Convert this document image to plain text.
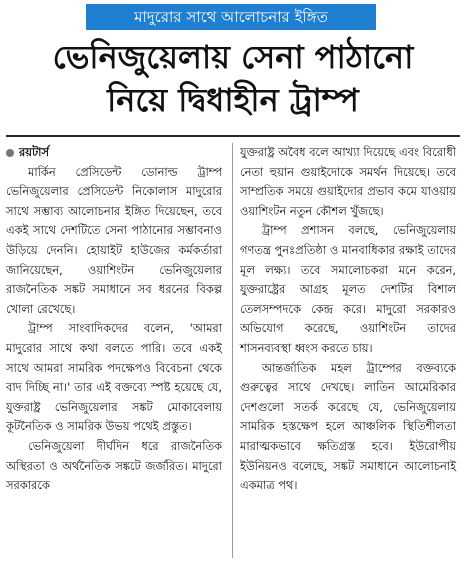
মাদুরোর সাথে আলোচনার ইঙ্গিত
ভেনিজুয়েলায় সেনা পাঠানো
নিয়ে দ্বিধাহীন ট্রাম্প
রয়টার্স

মার্কিন প্রেসিডেন্ট ডোনাল্ড ট্রাম্প ভেনিজুয়েলার প্রেসিডেন্ট নিকোলাস মাদুরোর সাথে সম্ভাব্য আলোচনার ইঙ্গিত দিয়েছেন, তবে একই সাথে দেশটিতে সেনা পাঠানোর সম্ভাবনাও উড়িয়ে দেননি। হোয়াইট হাউজের কর্মকর্তারা জানিয়েছেন, ওয়াশিংটন ভেনিজুয়েলার রাজনৈতিক সঙ্কট সমাধানে সব ধরনের বিকল্প খোলা রেখেছে।

ট্রাম্প সাংবাদিকদের বলেন, 'আমরা মাদুরোর সাথে কথা বলতে পারি। তবে একই সাথে আমরা সামরিক পদক্ষেপও বিবেচনা থেকে বাদ দিচ্ছি না।' তার এই বক্তব্যে স্পষ্ট হয়েছে যে, যুক্তরাষ্ট্র ভেনিজুয়েলার সঙ্কট মোকাবেলায় কূটনৈতিক ও সামরিক উভয় পথেই প্রস্তুত।

ভেনিজুয়েলা দীর্ঘদিন ধরে রাজনৈতিক অস্থিরতা ও অর্থনৈতিক সঙ্কটে জর্জরিত। মাদুরো সরকারকে

যুক্তরাষ্ট্র অবৈধ বলে আখ্যা দিয়েছে এবং বিরোধী নেতা হুয়ান গুয়াইদোকে সমর্থন দিয়েছে। তবে সাম্প্রতিক সময়ে গুয়াইদোর প্রভাব কমে যাওয়ায় ওয়াশিংটন নতুন কৌশল খুঁজছে।

ট্রাম্প প্রশাসন বলছে, ভেনিজুয়েলায় গণতন্ত্র পুনঃপ্রতিষ্ঠা ও মানবাধিকার রক্ষাই তাদের মূল লক্ষ্য। তবে সমালোচকরা মনে করেন, যুক্তরাষ্ট্রের আগ্রহ মূলত দেশটির বিশাল তেলসম্পদকে কেন্দ্র করে। মাদুরো সরকারও অভিযোগ করেছে, ওয়াশিংটন তাদের শাসনব্যবস্থা ধ্বংস করতে চায়।

আন্তর্জাতিক মহল ট্রাম্পের বক্তব্যকে গুরুত্বের সাথে দেখছে। লাতিন আমেরিকার দেশগুলো সতর্ক করেছে যে, ভেনিজুয়েলায় সামরিক হস্তক্ষেপ হলে আঞ্চলিক স্থিতিশীলতা মারাত্মকভাবে ক্ষতিগ্রস্ত হবে। ইউরোপীয় ইউনিয়নও বলেছে, সঙ্কট সমাধানে আলোচনাই একমাত্র পথ।
